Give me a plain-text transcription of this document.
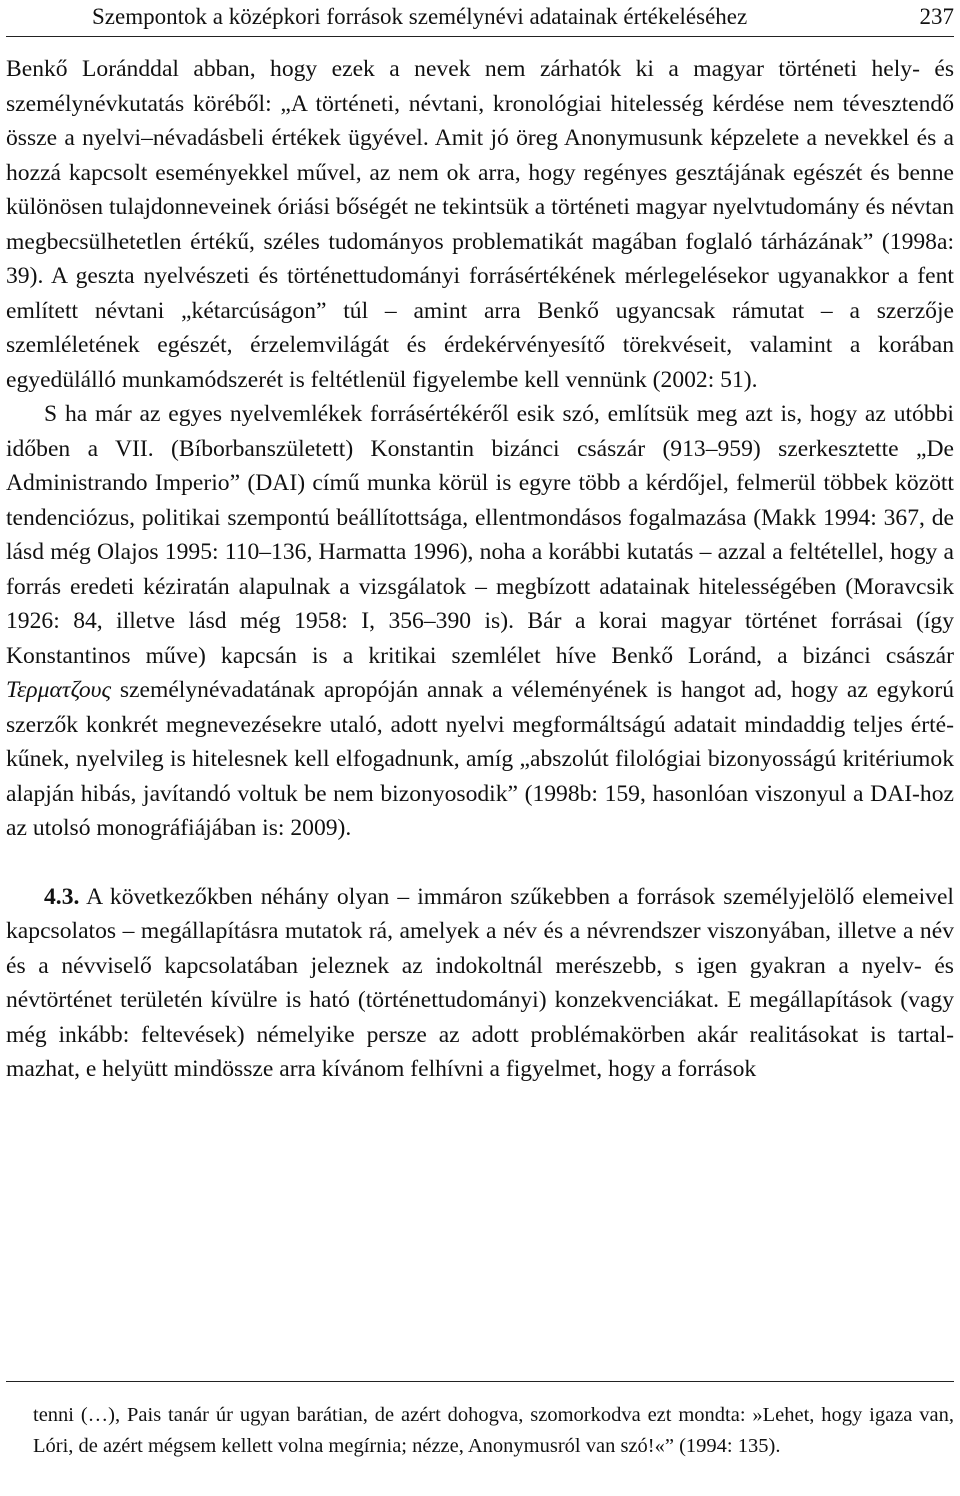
Szempontok a középkori források személynévi adatainak értékeléséhez	237

Benkő Loránddal abban, hogy ezek a nevek nem zárhatók ki a magyar történeti hely- és személynévkutatás köréből: „A történeti, névtani, kronológiai hitelesség kérdése nem tévesztendő össze a nyelvi–névadásbeli értékek ügyével. Amit jó öreg Anonymusunk képzelete a nevekkel és a hozzá kapcsolt eseményekkel művel, az nem ok arra, hogy regényes gesztájának egészét és benne különösen tulajdonneveinek óriási bőségét ne tekintsük a történeti magyar nyelvtudomány és névtan megbecsülhetetlen értékű, széles tudományos problematikát magában foglaló tárházának” (1998a: 39). A geszta nyelvészeti és történettudományi forrásértékének mérlegelésekor ugyanakkor a fent említett névtani „kétarcúságon” túl – amint arra Benkő ugyancsak rámutat – a szerzője szemléletének egészét, érzelemvilágát és érdekérvényesítő törekvéseit, valamint a korában egyedülálló munkamódszerét is feltétlenül figyelembe kell vennünk (2002: 51).

S ha már az egyes nyelvemlékek forrásértékéről esik szó, említsük meg azt is, hogy az utóbbi időben a VII. (Bíborbanszületett) Konstantin bizánci császár (913–959) szerkesztette „De Administrando Imperio” (DAI) című munka körül is egyre több a kérdőjel, felmerül többek között tendenciózus, politikai szempontú beállítottsága, ellentmondásos fogalmazása (Makk 1994: 367, de lásd még Olajos 1995: 110–136, Harmatta 1996), noha a korábbi kutatás – azzal a feltétellel, hogy a forrás eredeti kéziratán alapulnak a vizsgálatok – megbízott adatainak hitelességében (Moravcsik 1926: 84, illetve lásd még 1958: I, 356–390 is). Bár a korai magyar történet forrásai (így Konstantinos műve) kapcsán is a kritikai szemlélet híve Benkő Loránd, a bizánci császár Τερματζους személynévadatának apropóján annak a véleményének is hangot ad, hogy az egykorú szerzők konkrét megnevezésekre utaló, adott nyelvi megformáltságú adatait mindaddig teljes értékűnek, nyelvileg is hitelesnek kell elfogadnunk, amíg „abszolút filológiai bizonyosságú kritériumok alapján hibás, javítandó voltuk be nem bizonyosodik” (1998b: 159, hasonlóan viszonyul a DAI-hoz az utolsó monográfiájában is: 2009).

4.3. A következőkben néhány olyan – immáron szűkebben a források személyjelölő elemeivel kapcsolatos – megállapításra mutatok rá, amelyek a név és a névrendszer viszonyában, illetve a név és a névviselő kapcsolatában jeleznek az indokoltnál merészebb, s igen gyakran a nyelv- és névtörténet területén kívülre is ható (történettudományi) konzekvenciákat. E megállapítások (vagy még inkább: feltevések) némelyike persze az adott problémakörben akár realitásokat is tartalmazhat, e helyütt mindössze arra kívánom felhívni a figyelmet, hogy a források

tenni (…), Pais tanár úr ugyan barátian, de azért dohogva, szomorkodva ezt mondta: »Lehet, hogy igaza van, Lóri, de azért mégsem kellett volna megírnia; nézze, Anonymusról van szó!«” (1994: 135).
